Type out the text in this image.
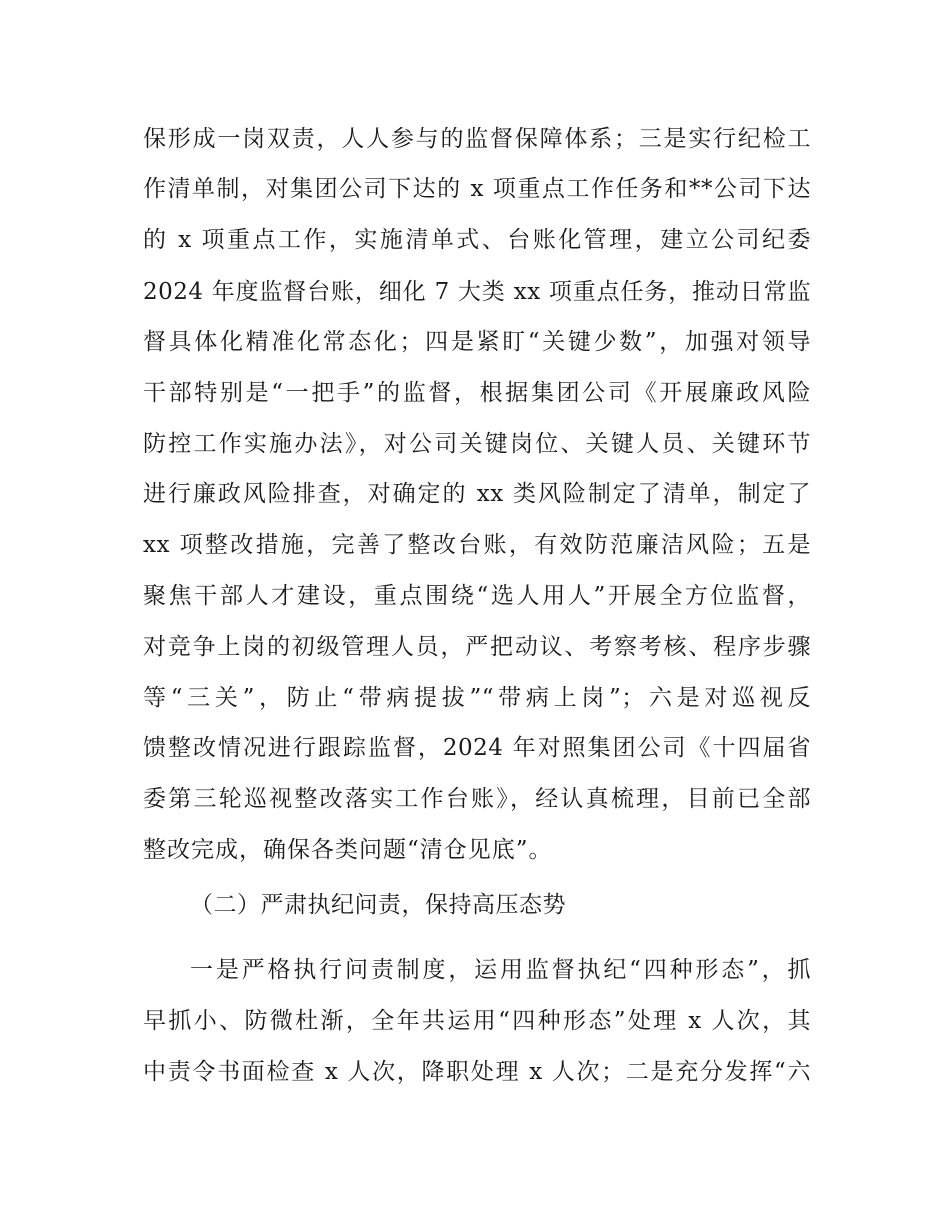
保形成一岗双责，人人参与的监督保障体系；三是实行纪检工
作清单制，对集团公司下达的 x 项重点工作任务和**公司下达
的 x 项重点工作，实施清单式、台账化管理，建立公司纪委
2024 年度监督台账，细化 7 大类 xx 项重点任务，推动日常监
督具体化精准化常态化；四是紧盯“关键少数”，加强对领导
干部特别是“一把手”的监督，根据集团公司《开展廉政风险
防控工作实施办法》，对公司关键岗位、关键人员、关键环节
进行廉政风险排查，对确定的 xx 类风险制定了清单，制定了
xx 项整改措施，完善了整改台账，有效防范廉洁风险；五是
聚焦干部人才建设，重点围绕“选人用人”开展全方位监督，
对竞争上岗的初级管理人员，严把动议、考察考核、程序步骤
等“三关”，防止“带病提拔”“带病上岗”；六是对巡视反
馈整改情况进行跟踪监督，2024 年对照集团公司《十四届省
委第三轮巡视整改落实工作台账》，经认真梳理，目前已全部
整改完成，确保各类问题“清仓见底”。
（二）严肃执纪问责，保持高压态势
一是严格执行问责制度，运用监督执纪“四种形态”，抓
早抓小、防微杜渐，全年共运用“四种形态”处理 x 人次，其
中责令书面检查 x 人次，降职处理 x 人次；二是充分发挥“六
